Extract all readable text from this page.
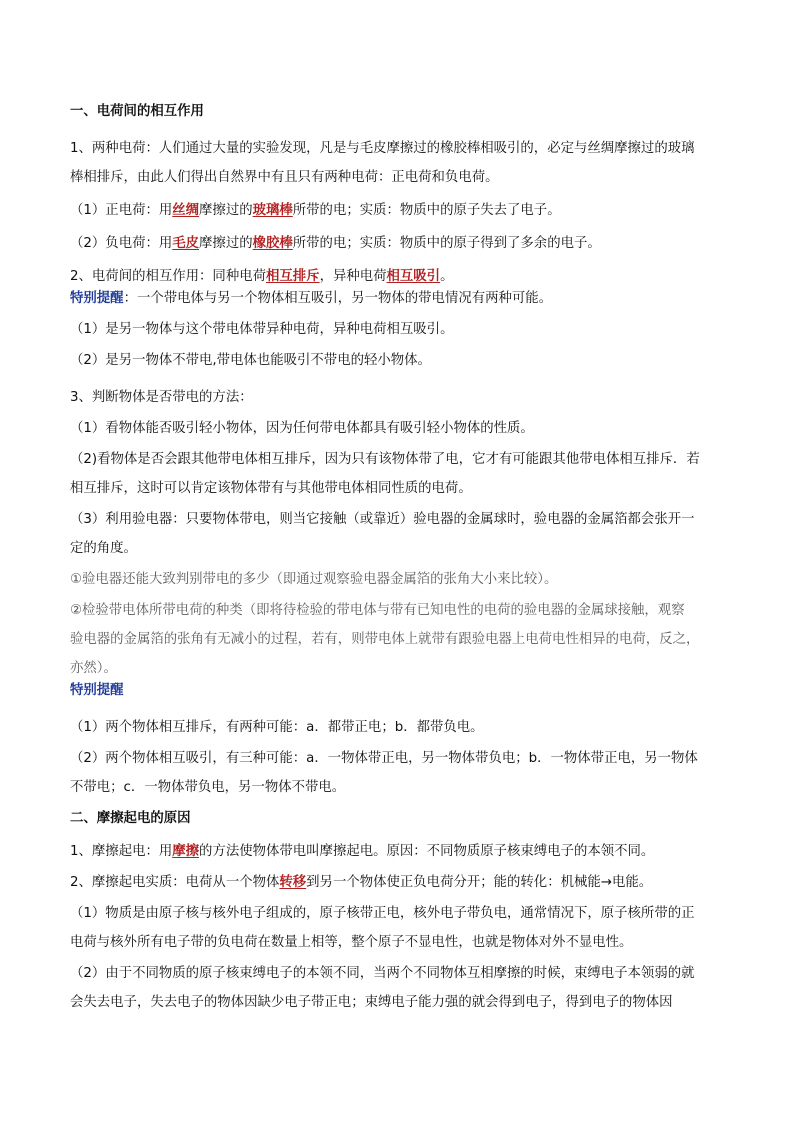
一、电荷间的相互作用

1、两种电荷：人们通过大量的实验发现，凡是与毛皮摩擦过的橡胶棒相吸引的，必定与丝绸摩擦过的玻璃

棒相排斥，由此人们得出自然界中有且只有两种电荷：正电荷和负电荷。

（1）正电荷：用丝绸摩擦过的玻璃棒所带的电；实质：物质中的原子失去了电子。

（2）负电荷：用毛皮摩擦过的橡胶棒所带的电；实质：物质中的原子得到了多余的电子。

2、电荷间的相互作用：同种电荷相互排斥，异种电荷相互吸引。

特别提醒：一个带电体与另一个物体相互吸引，另一物体的带电情况有两种可能。

（1）是另一物体与这个带电体带异种电荷，异种电荷相互吸引。

（2）是另一物体不带电,带电体也能吸引不带电的轻小物体。

3、判断物体是否带电的方法：

（1）看物体能否吸引轻小物体，因为任何带电体都具有吸引轻小物体的性质。

（2)看物体是否会跟其他带电体相互排斥，因为只有该物体带了电，它才有可能跟其他带电体相互排斥．若

相互排斥，这时可以肯定该物体带有与其他带电体相同性质的电荷。

（3）利用验电器：只要物体带电，则当它接触（或靠近）验电器的金属球时，验电器的金属箔都会张开一

定的角度。

①验电器还能大致判别带电的多少（即通过观察验电器金属箔的张角大小来比较）。

②检验带电体所带电荷的种类（即将待检验的带电体与带有已知电性的电荷的验电器的金属球接触，观察

验电器的金属箔的张角有无减小的过程，若有，则带电体上就带有跟验电器上电荷电性相异的电荷，反之，

亦然）。

特别提醒

（1）两个物体相互排斥，有两种可能：a．都带正电；b．都带负电。

（2）两个物体相互吸引，有三种可能：a．一物体带正电，另一物体带负电；b．一物体带正电，另一物体

不带电；c．一物体带负电，另一物体不带电。

二、摩擦起电的原因

1、摩擦起电：用摩擦的方法使物体带电叫摩擦起电。原因：不同物质原子核束缚电子的本领不同。

2、摩擦起电实质：电荷从一个物体转移到另一个物体使正负电荷分开；能的转化：机械能→电能。

（1）物质是由原子核与核外电子组成的，原子核带正电，核外电子带负电，通常情况下，原子核所带的正

电荷与核外所有电子带的负电荷在数量上相等，整个原子不显电性，也就是物体对外不显电性。

（2）由于不同物质的原子核束缚电子的本领不同，当两个不同物体互相摩擦的时候，束缚电子本领弱的就

会失去电子，失去电子的物体因缺少电子带正电；束缚电子能力强的就会得到电子，得到电子的物体因
